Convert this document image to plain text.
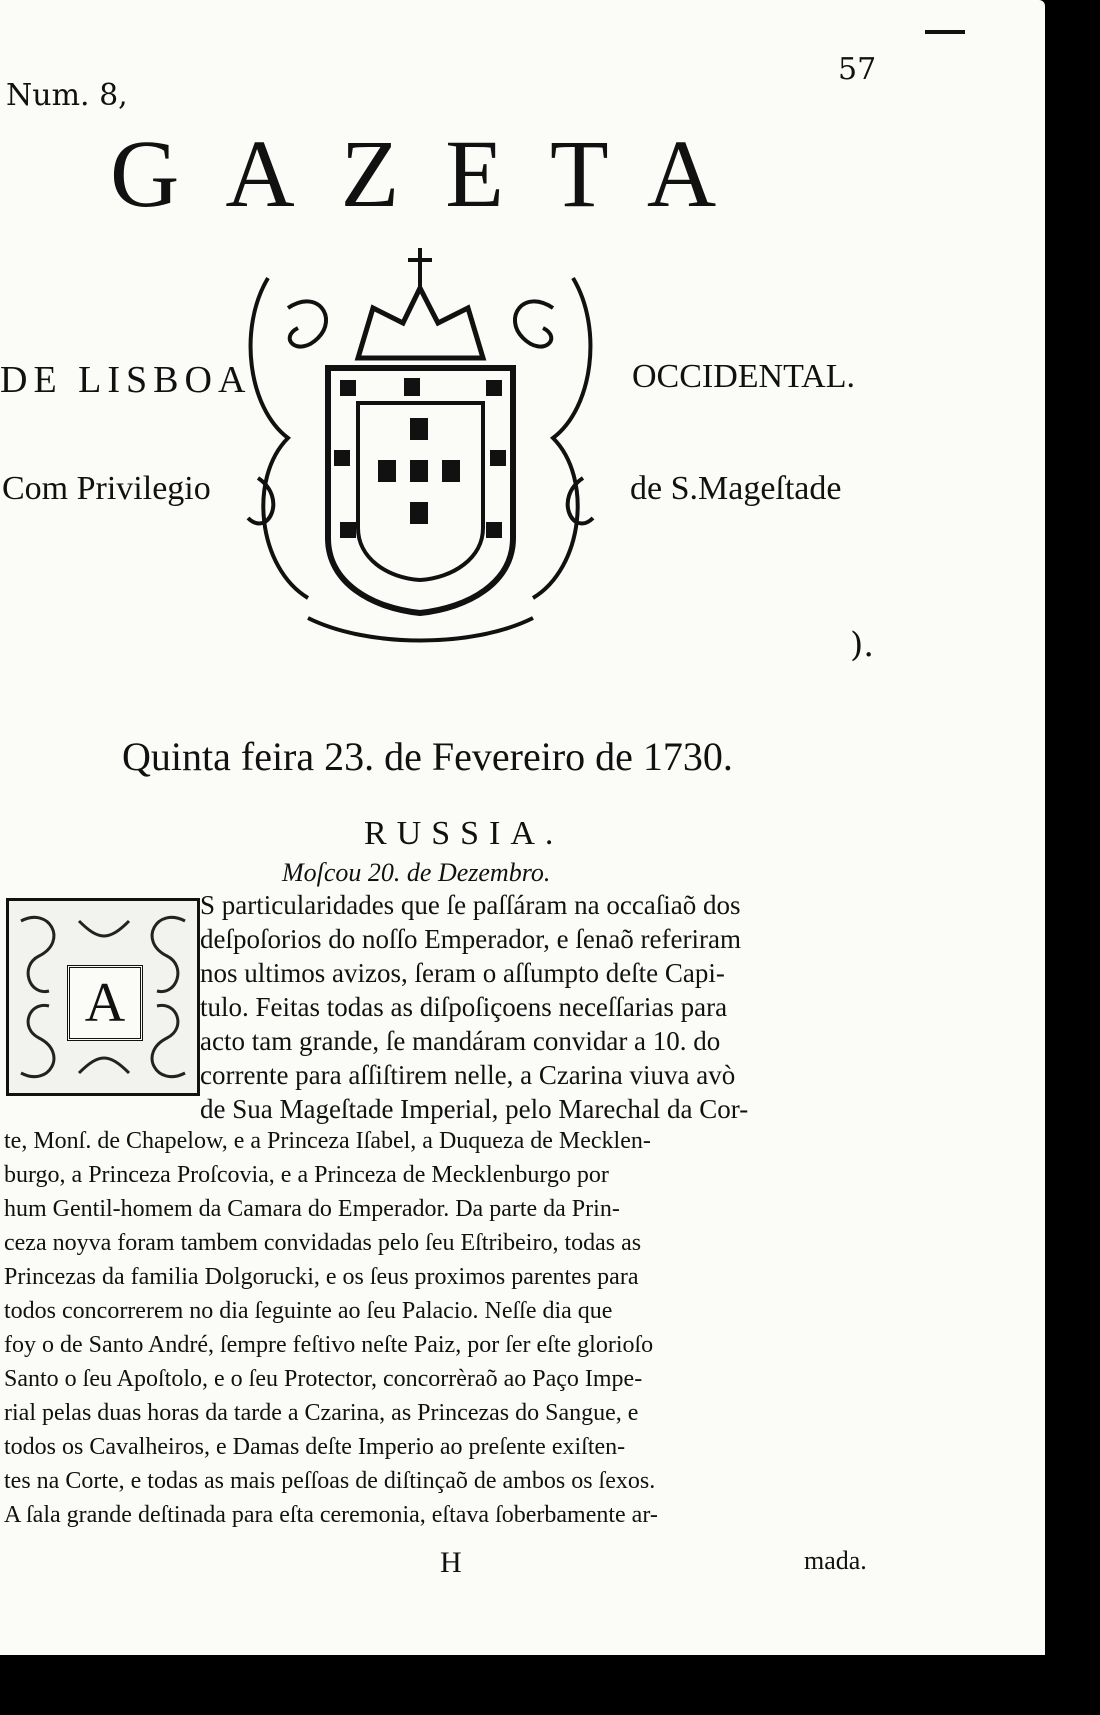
Num. 8,
57
GAZETA
DE LISBOA	OCCIDENTAL.
Com Privilegio	de S.Mageſtade
).
Quinta feira 23. de Fevereiro de 1730.
RUSSIA.
Moſcou 20. de Dezembro.
A
S particularidades que ſe paſſáram na occaſiaõ dos
deſpoſorios do noſſo Emperador, e ſenaõ referiram
nos ultimos avizos, ſeram o aſſumpto deſte Capi-
tulo. Feitas todas as diſpoſiçoens neceſſarias para
acto tam grande, ſe mandáram convidar a 10. do
corrente para aſſiſtirem nelle, a Czarina viuva avò
de Sua Mageſtade Imperial, pelo Marechal da Cor-
te, Monſ. de Chapelow, e a Princeza Iſabel, a Duqueza de Mecklen-
burgo, a Princeza Proſcovia, e a Princeza de Mecklenburgo por
hum Gentil-homem da Camara do Emperador. Da parte da Prin-
ceza noyva foram tambem convidadas pelo ſeu Eſtribeiro, todas as
Princezas da familia Dolgorucki, e os ſeus proximos parentes para
todos concorrerem no dia ſeguinte ao ſeu Palacio. Neſſe dia que
foy o de Santo André, ſempre feſtivo neſte Paiz, por ſer eſte glorioſo
Santo o ſeu Apoſtolo, e o ſeu Protector, concorrèraõ ao Paço Impe-
rial pelas duas horas da tarde a Czarina, as Princezas do Sangue, e
todos os Cavalheiros, e Damas deſte Imperio ao preſente exiſten-
tes na Corte, e todas as mais peſſoas de diſtinçaõ de ambos os ſexos.
A ſala grande deſtinada para eſta ceremonia, eſtava ſoberbamente ar-
H	mada.
